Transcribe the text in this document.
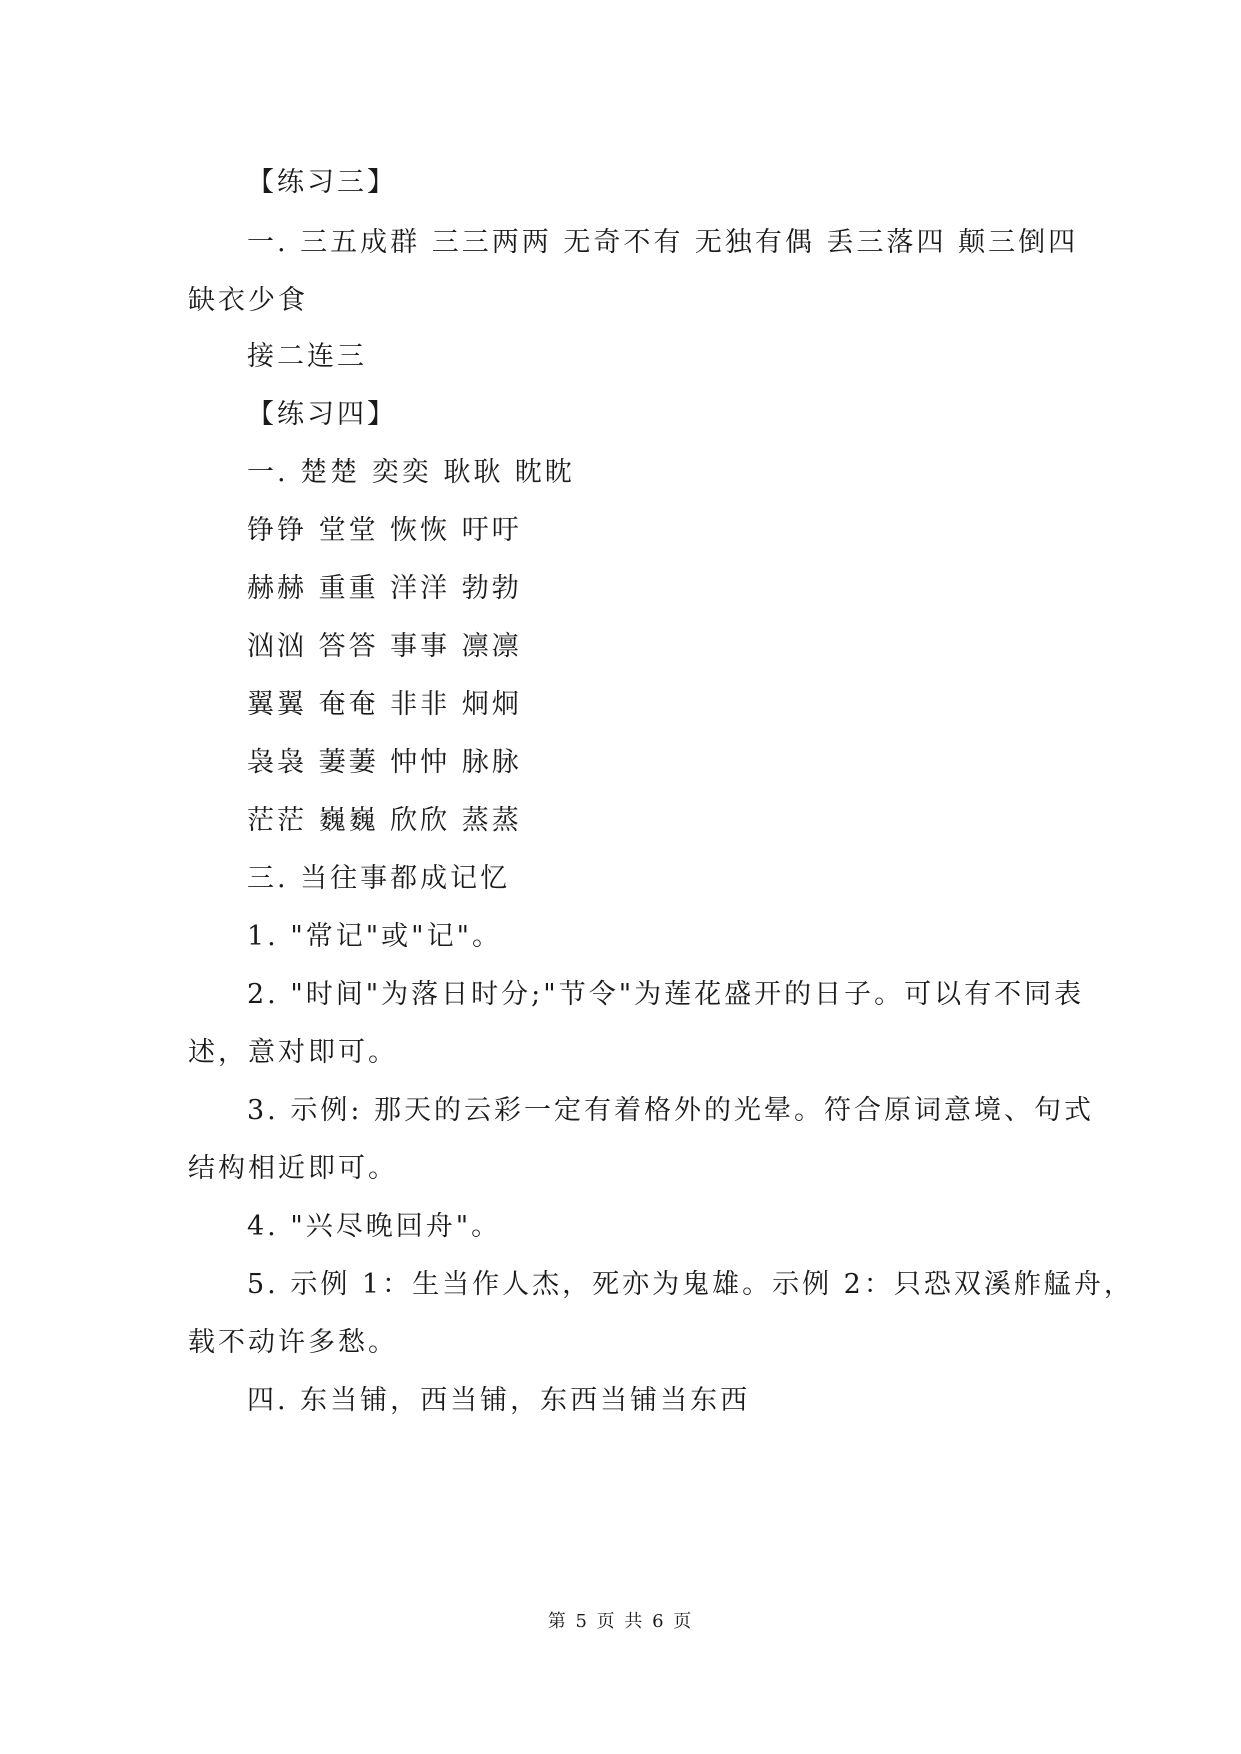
【练习三】
一. 三五成群 三三两两 无奇不有 无独有偶 丢三落四 颠三倒四
缺衣少食
接二连三
【练习四】
一. 楚楚 奕奕 耿耿 眈眈
铮铮 堂堂 恢恢 吁吁
赫赫 重重 洋洋 勃勃
汹汹 答答 事事 凛凛
翼翼 奄奄 非非 炯炯
袅袅 萋萋 忡忡 脉脉
茫茫 巍巍 欣欣 蒸蒸
三. 当往事都成记忆
1. "常记"或"记"。
2. "时间"为落日时分;"节令"为莲花盛开的日子。可以有不同表
述，意对即可。
3. 示例: 那天的云彩一定有着格外的光晕。符合原词意境、句式
结构相近即可。
4. "兴尽晚回舟"。
5. 示例 1：生当作人杰，死亦为鬼雄。示例 2：只恐双溪舴艋舟，
载不动许多愁。
四. 东当铺，西当铺，东西当铺当东西
第 5 页 共 6 页
